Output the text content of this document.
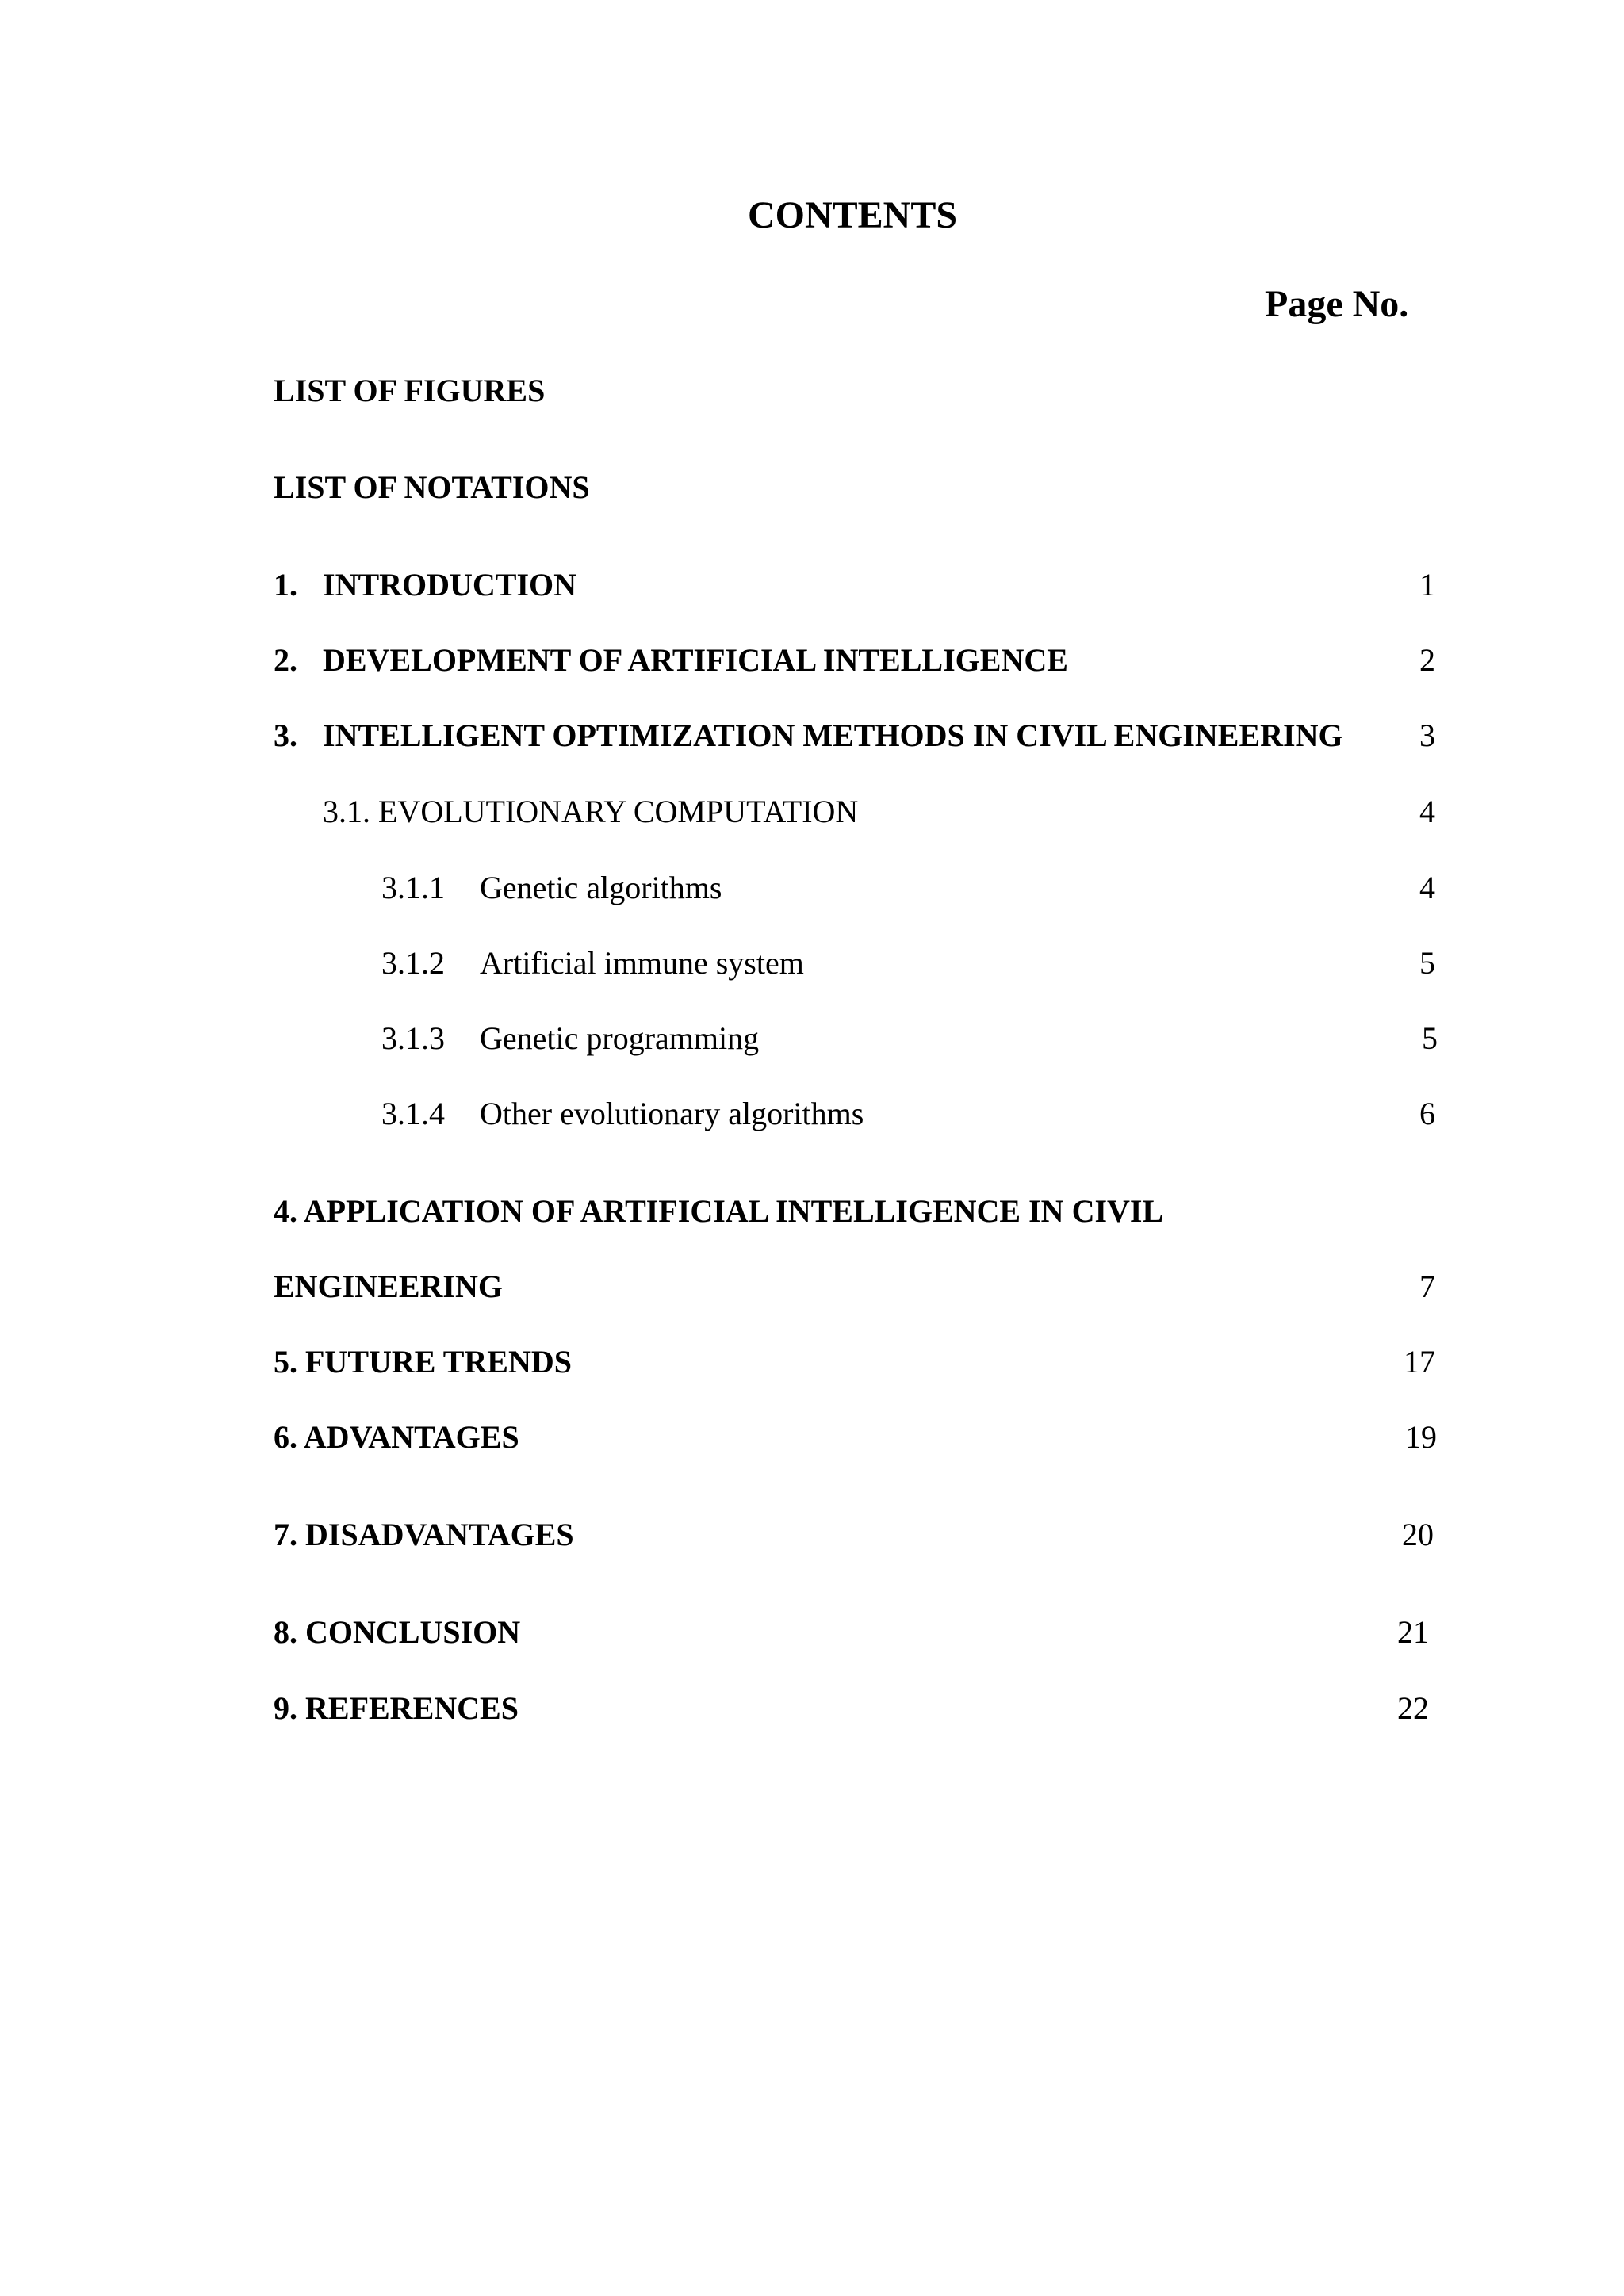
CONTENTS
Page No.
LIST OF FIGURES
LIST OF NOTATIONS
1. INTRODUCTION	1
2. DEVELOPMENT OF ARTIFICIAL INTELLIGENCE	2
3. INTELLIGENT OPTIMIZATION METHODS IN CIVIL ENGINEERING	3
3.1. EVOLUTIONARY COMPUTATION	4
3.1.1 Genetic algorithms	4
3.1.2 Artificial immune system	5
3.1.3 Genetic programming	5
3.1.4 Other evolutionary algorithms	6
4. APPLICATION OF ARTIFICIAL INTELLIGENCE IN CIVIL
ENGINEERING	7
5. FUTURE TRENDS	17
6. ADVANTAGES	19
7. DISADVANTAGES	20
8. CONCLUSION	21
9. REFERENCES	22
